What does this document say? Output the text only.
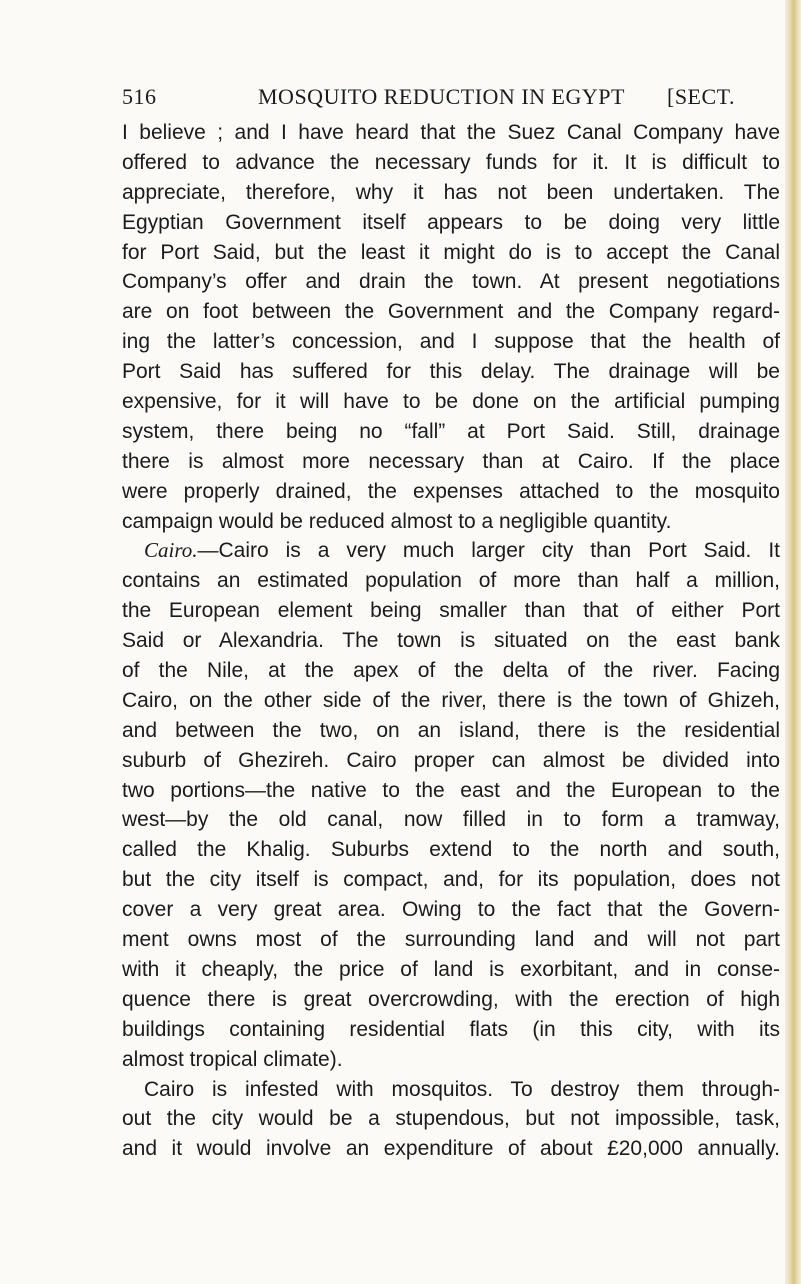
516	MOSQUITO REDUCTION IN EGYPT [SECT.
I believe ; and I have heard that the Suez Canal Company have
offered to advance the necessary funds for it. It is difficult to
appreciate, therefore, why it has not been undertaken. The
Egyptian Government itself appears to be doing very little
for Port Said, but the least it might do is to accept the Canal
Company’s offer and drain the town. At present negotiations
are on foot between the Government and the Company regard-
ing the latter’s concession, and I suppose that the health of
Port Said has suffered for this delay. The drainage will be
expensive, for it will have to be done on the artificial pumping
system, there being no “fall” at Port Said. Still, drainage
there is almost more necessary than at Cairo. If the place
were properly drained, the expenses attached to the mosquito
campaign would be reduced almost to a negligible quantity.
Cairo.—Cairo is a very much larger city than Port Said. It
contains an estimated population of more than half a million,
the European element being smaller than that of either Port
Said or Alexandria. The town is situated on the east bank
of the Nile, at the apex of the delta of the river. Facing
Cairo, on the other side of the river, there is the town of Ghizeh,
and between the two, on an island, there is the residential
suburb of Ghezireh. Cairo proper can almost be divided into
two portions—the native to the east and the European to the
west—by the old canal, now filled in to form a tramway,
called the Khalig. Suburbs extend to the north and south,
but the city itself is compact, and, for its population, does not
cover a very great area. Owing to the fact that the Govern-
ment owns most of the surrounding land and will not part
with it cheaply, the price of land is exorbitant, and in conse-
quence there is great overcrowding, with the erection of high
buildings containing residential flats (in this city, with its
almost tropical climate).
Cairo is infested with mosquitos. To destroy them through-
out the city would be a stupendous, but not impossible, task,
and it would involve an expenditure of about £20,000 annually.
